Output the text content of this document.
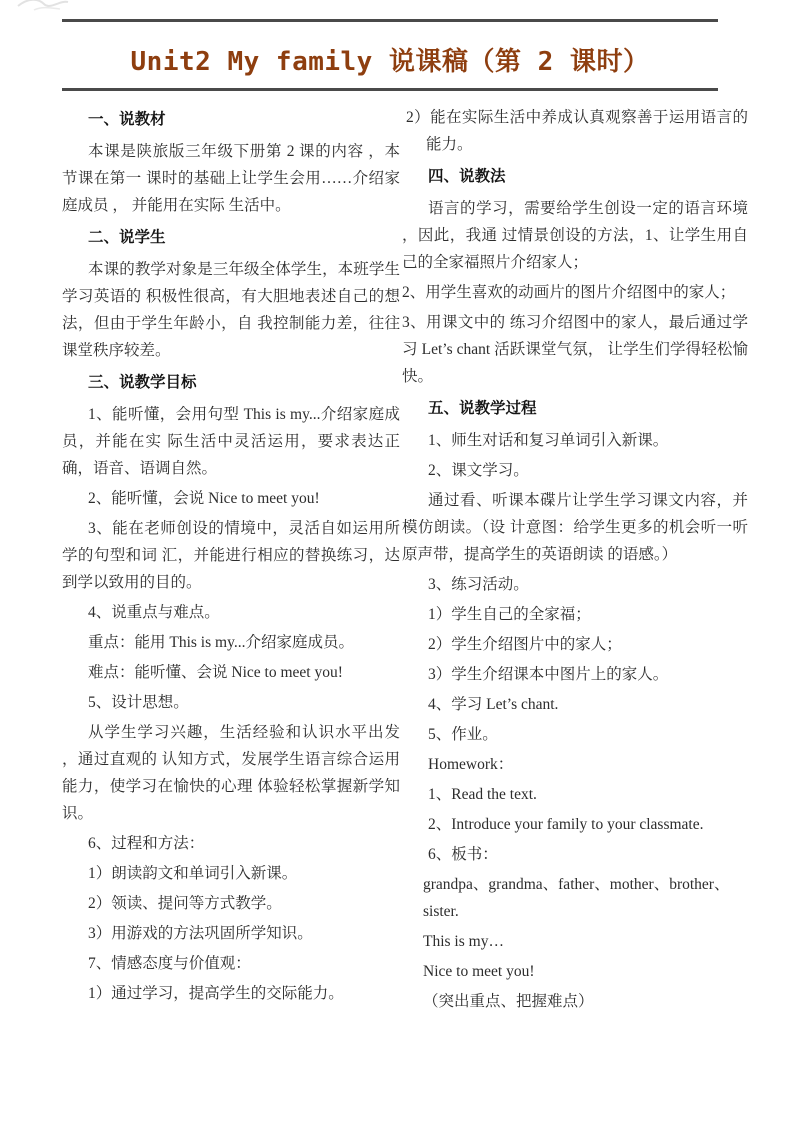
Unit2 My family 说课稿（第 2 课时）

一、说教材

本课是陕旅版三年级下册第 2 课的内容 ，本节课在第一 课时的基础上让学生会用……介绍家庭成员 ， 并能用在实际 生活中。

二、说学生

本课的教学对象是三年级全体学生，本班学生学习英语的 积极性很高，有大胆地表述自己的想法，但由于学生年龄小，自 我控制能力差，往往课堂秩序较差。

三、说教学目标

1、能听懂，会用句型 This is my...介绍家庭成员，并能在实 际生活中灵活运用，要求表达正确，语音、语调自然。

2、能听懂，会说 Nice to meet you!

3、能在老师创设的情境中，灵活自如运用所学的句型和词 汇，并能进行相应的替换练习，达到学以致用的目的。

4、说重点与难点。

重点：能用 This is my...介绍家庭成员。

难点：能听懂、会说 Nice to meet you!

5、设计思想。

从学生学习兴趣，生活经验和认识水平出发 ，通过直观的 认知方式，发展学生语言综合运用能力，使学习在愉快的心理 体验轻松掌握新学知识。

6、过程和方法：

1）朗读韵文和单词引入新课。

2）领读、提问等方式教学。

3）用游戏的方法巩固所学知识。

7、情感态度与价值观：

1）通过学习，提高学生的交际能力。

2）能在实际生活中养成认真观察善于运用语言的能力。

四、说教法

语言的学习，需要给学生创设一定的语言环境 ，因此，我通 过情景创设的方法，1、让学生用自己的全家福照片介绍家人；

2、用学生喜欢的动画片的图片介绍图中的家人；

3、用课文中的 练习介绍图中的家人，最后通过学习 Let’s chant 活跃课堂气氛， 让学生们学得轻松愉快。

五、说教学过程

1、师生对话和复习单词引入新课。

2、课文学习。

通过看、听课本碟片让学生学习课文内容，并模仿朗读。（设 计意图：给学生更多的机会听一听原声带，提高学生的英语朗读 的语感。）

3、练习活动。

1）学生自己的全家福；

2）学生介绍图片中的家人；

3）学生介绍课本中图片上的家人。

4、学习 Let’s chant.

5、作业。

Homework：

1、Read the text.

2、Introduce your family to your classmate.

6、板书：

grandpa、grandma、father、mother、brother、sister.

This is my…

Nice to meet you!

（突出重点、把握难点）
